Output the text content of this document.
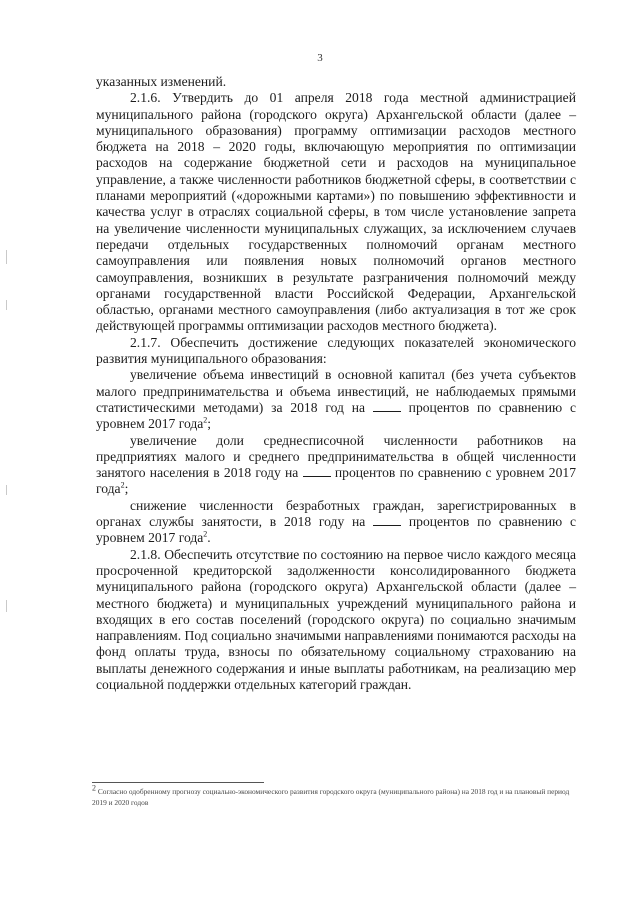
3

указанных изменений.

2.1.6. Утвердить до 01 апреля 2018 года местной администрацией муниципального района (городского округа) Архангельской области (далее – муниципального образования) программу оптимизации расходов местного бюджета на 2018 – 2020 годы, включающую мероприятия по оптимизации расходов на содержание бюджетной сети и расходов на муниципальное управление, а также численности работников бюджетной сферы, в соответствии с планами мероприятий («дорожными картами») по повышению эффективности и качества услуг в отраслях социальной сферы, в том числе установление запрета на увеличение численности муниципальных служащих, за исключением случаев передачи отдельных государственных полномочий органам местного самоуправления или появления новых полномочий органов местного самоуправления, возникших в результате разграничения полномочий между органами государственной власти Российской Федерации, Архангельской областью, органами местного самоуправления (либо актуализация в тот же срок действующей программы оптимизации расходов местного бюджета).

2.1.7. Обеспечить достижение следующих показателей экономического развития муниципального образования:

увеличение объема инвестиций в основной капитал (без учета субъектов малого предпринимательства и объема инвестиций, не наблюдаемых прямыми статистическими методами) за 2018 год на  процентов по сравнению с уровнем 2017 года$^2$;

увеличение доли среднесписочной численности работников на предприятиях малого и среднего предпринимательства в общей численности занятого населения в 2018 году на  процентов по сравнению с уровнем 2017 года$^2$;

снижение численности безработных граждан, зарегистрированных в органах службы занятости, в 2018 году на  процентов по сравнению с уровнем 2017 года$^2$.

2.1.8. Обеспечить отсутствие по состоянию на первое число каждого месяца просроченной кредиторской задолженности консолидированного бюджета муниципального района (городского округа) Архангельской области (далее – местного бюджета) и муниципальных учреждений муниципального района и входящих в его состав поселений (городского округа) по социально значимым направлениям. Под социально значимыми направлениями понимаются расходы на фонд оплаты труда, взносы по обязательному социальному страхованию на выплаты денежного содержания и иные выплаты работникам, на реализацию мер социальной поддержки отдельных категорий граждан.

$^2$ Согласно одобренному прогнозу социально-экономического развития городского округа (муниципального района) на 2018 год и на плановый период 2019 и 2020 годов
